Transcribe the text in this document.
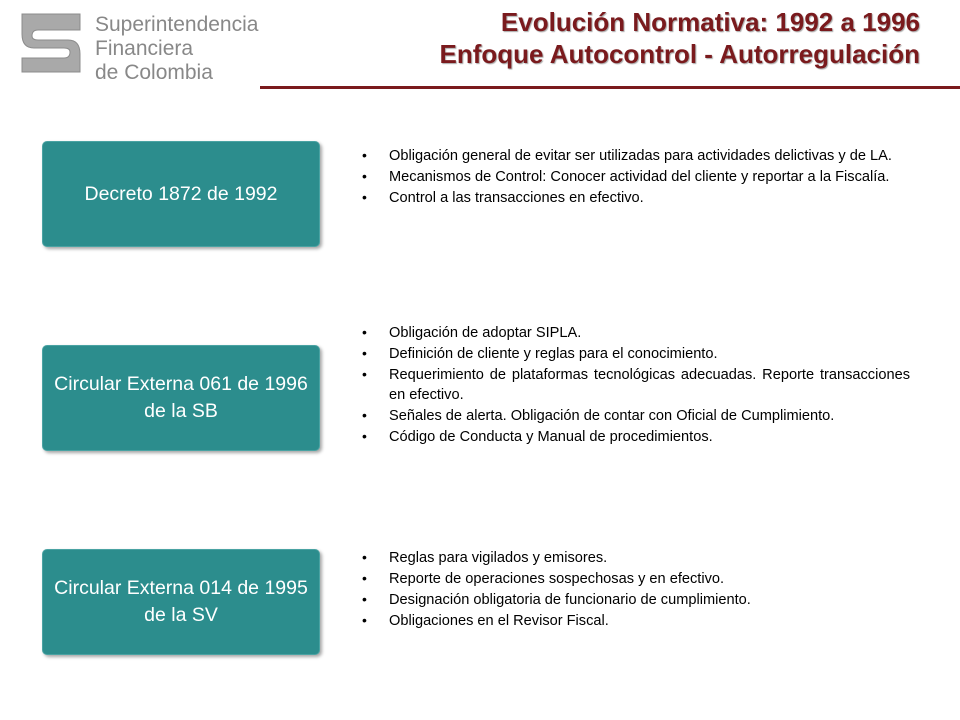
Superintendencia
Financiera
de Colombia
Evolución Normativa: 1992 a 1996
Enfoque Autocontrol - Autorregulación
Decreto 1872 de 1992
• Obligación general de evitar ser utilizadas para actividades delictivas y de LA.
• Mecanismos de Control: Conocer actividad del cliente y reportar a la Fiscalía.
• Control a las transacciones en efectivo.
Circular Externa 061 de 1996 de la SB
• Obligación de adoptar SIPLA.
• Definición de cliente y reglas para el conocimiento.
• Requerimiento de plataformas tecnológicas adecuadas. Reporte transacciones en efectivo.
• Señales de alerta. Obligación de contar con Oficial de Cumplimiento.
• Código de Conducta y Manual de procedimientos.
Circular Externa 014 de 1995 de la SV
• Reglas para vigilados y emisores.
• Reporte de operaciones sospechosas y en efectivo.
• Designación obligatoria de funcionario de cumplimiento.
• Obligaciones en el Revisor Fiscal.
